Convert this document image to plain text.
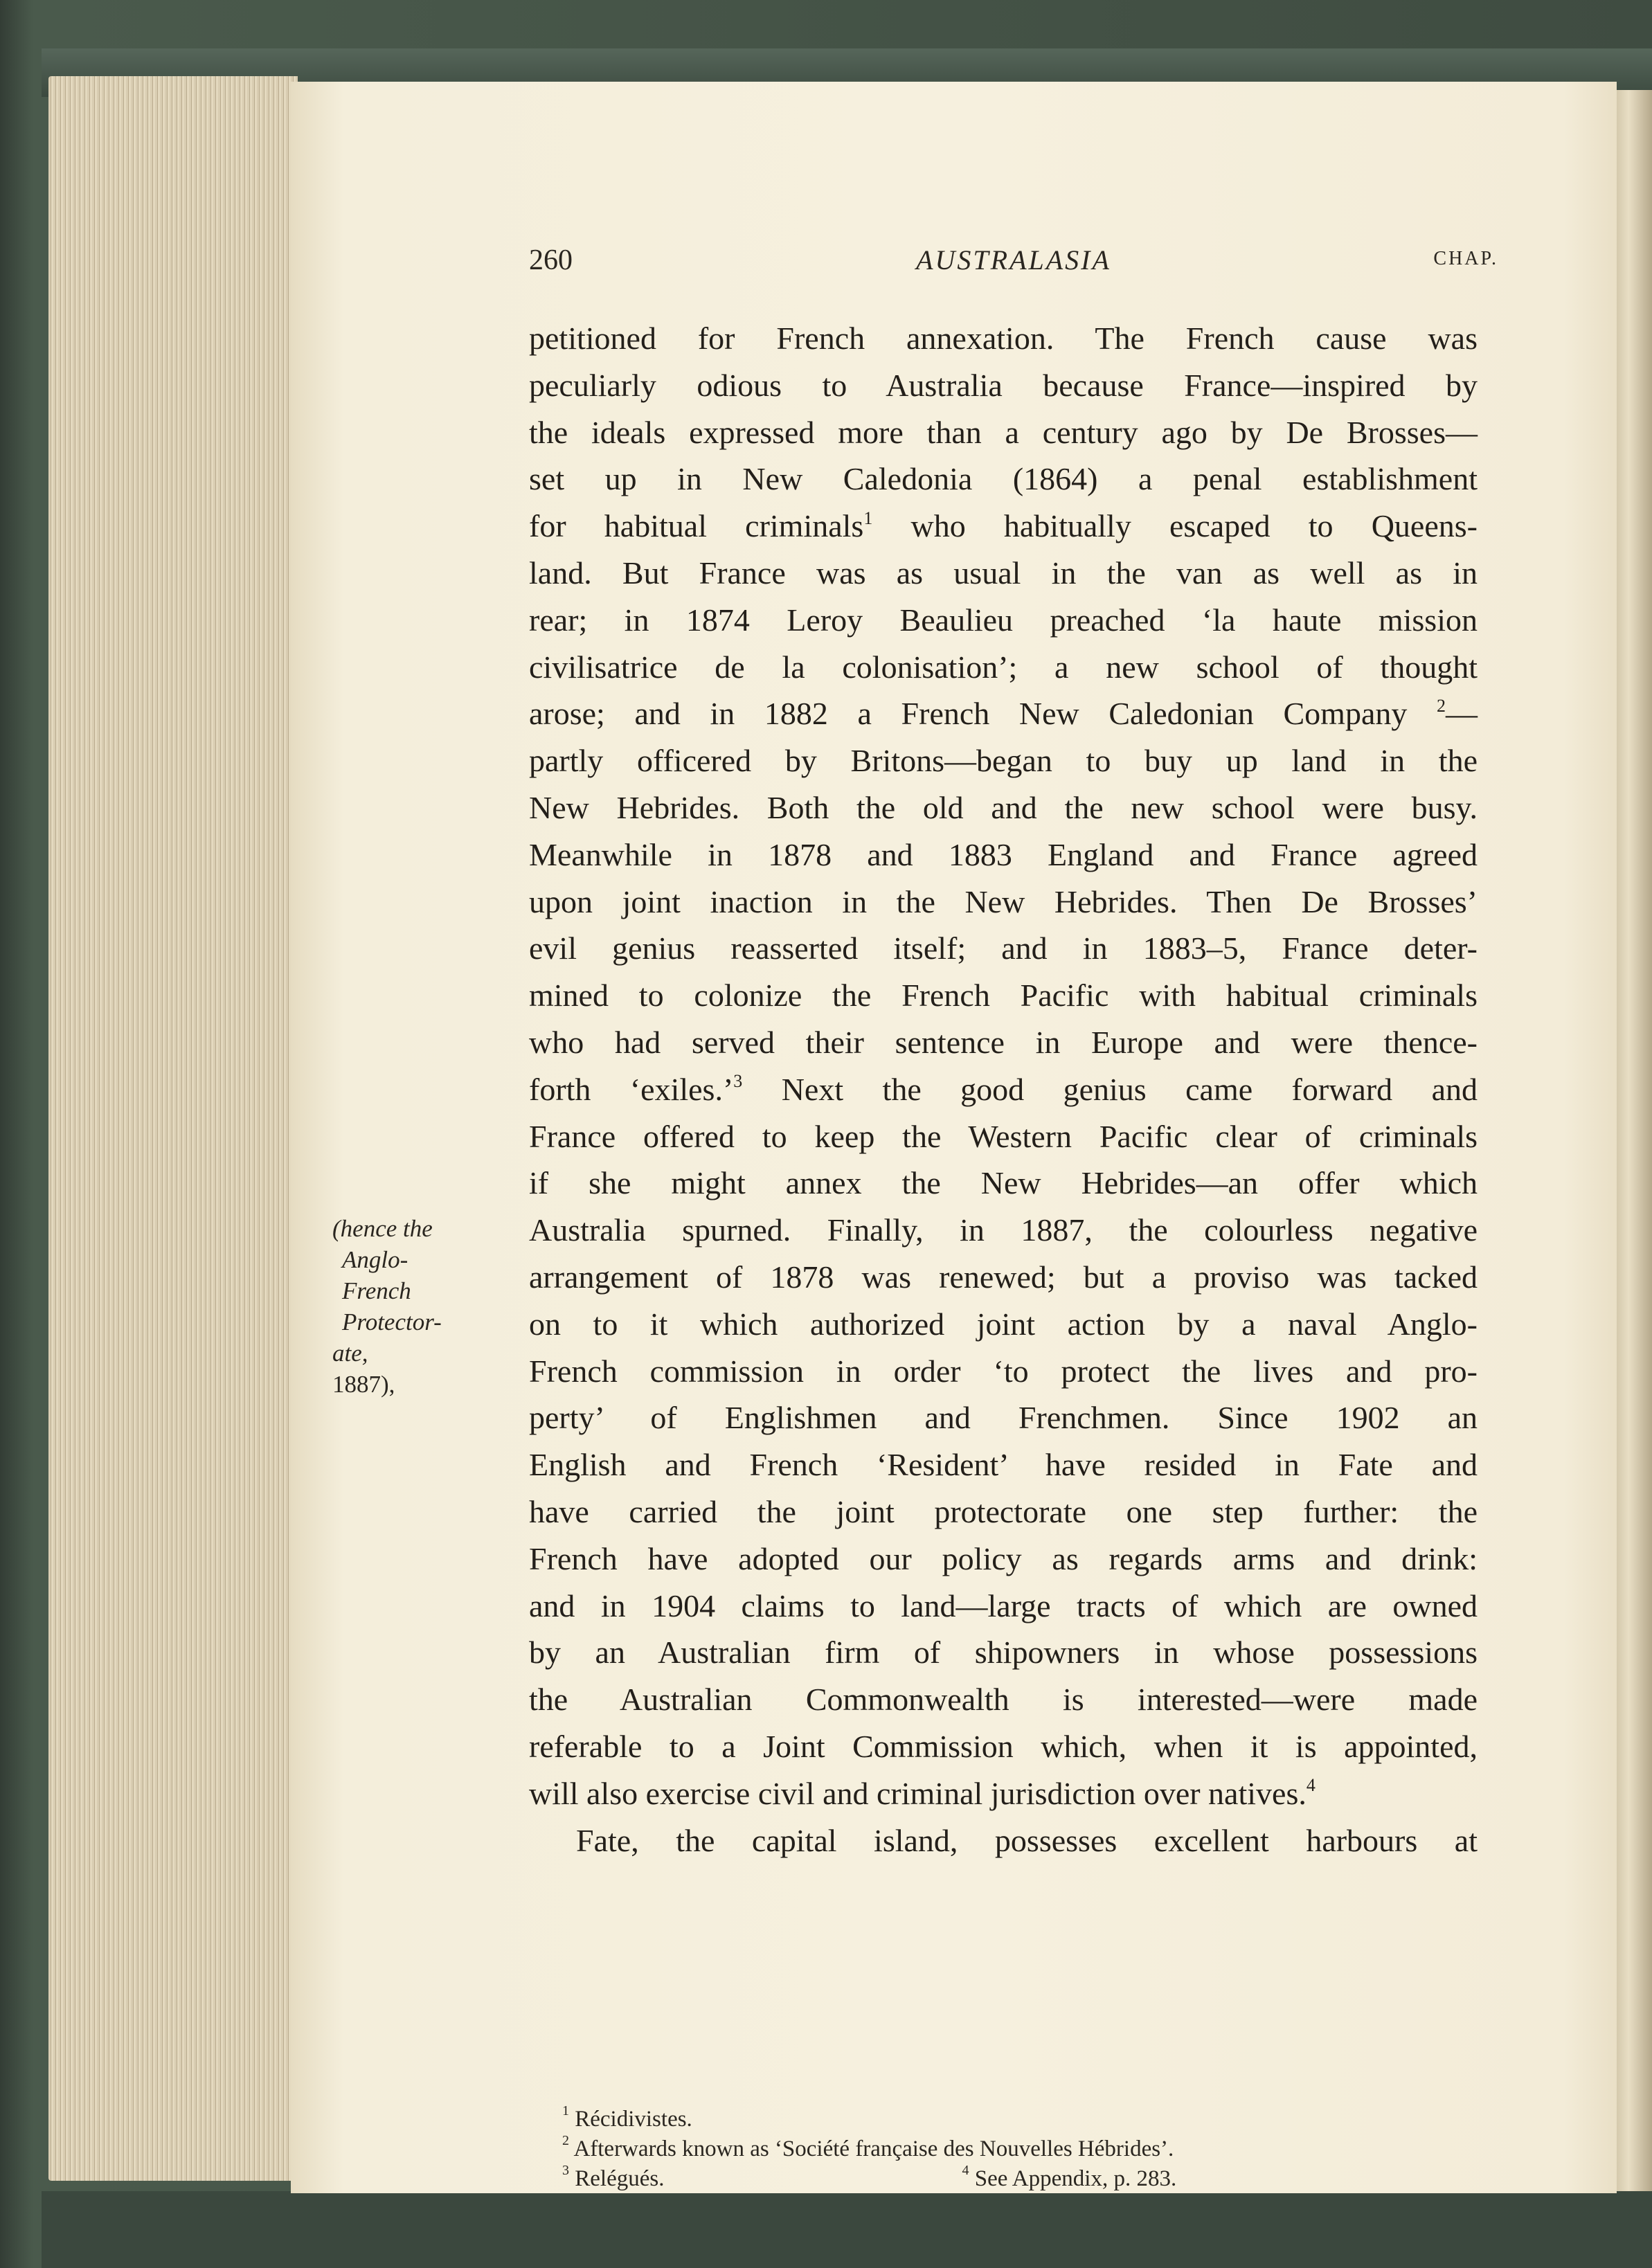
260	AUSTRALASIA	CHAP.
petitioned for French annexation. The French cause was
peculiarly odious to Australia because France—inspired by
the ideals expressed more than a century ago by De Brosses—
set up in New Caledonia (1864) a penal establishment
for habitual criminals$^1$ who habitually escaped to Queens-
land. But France was as usual in the van as well as in
rear; in 1874 Leroy Beaulieu preached ‘la haute mission
civilisatrice de la colonisation’; a new school of thought
arose; and in 1882 a French New Caledonian Company $^2$—
partly officered by Britons—began to buy up land in the
New Hebrides. Both the old and the new school were busy.
Meanwhile in 1878 and 1883 England and France agreed
upon joint inaction in the New Hebrides. Then De Brosses’
evil genius reasserted itself; and in 1883–5, France deter-
mined to colonize the French Pacific with habitual criminals
who had served their sentence in Europe and were thence-
forth ‘exiles.’$^3$ Next the good genius came forward and
France offered to keep the Western Pacific clear of criminals
if she might annex the New Hebrides—an offer which
Australia spurned. Finally, in 1887, the colourless negative
arrangement of 1878 was renewed; but a proviso was tacked
on to it which authorized joint action by a naval Anglo-
French commission in order ‘to protect the lives and pro-
perty’ of Englishmen and Frenchmen. Since 1902 an
English and French ‘Resident’ have resided in Fate and
have carried the joint protectorate one step further: the
French have adopted our policy as regards arms and drink:
and in 1904 claims to land—large tracts of which are owned
by an Australian firm of shipowners in whose possessions
the Australian Commonwealth is interested—were made
referable to a Joint Commission which, when it is appointed,
will also exercise civil and criminal jurisdiction over natives.$^4$
Fate, the capital island, possesses excellent harbours at
(hence the
Anglo-
French
Protector-
ate,
1887),
$^1$ Récidivistes.
$^2$ Afterwards known as ‘Société française des Nouvelles Hébrides’.
$^3$ Relégués.	$^4$ See Appendix, p. 283.
